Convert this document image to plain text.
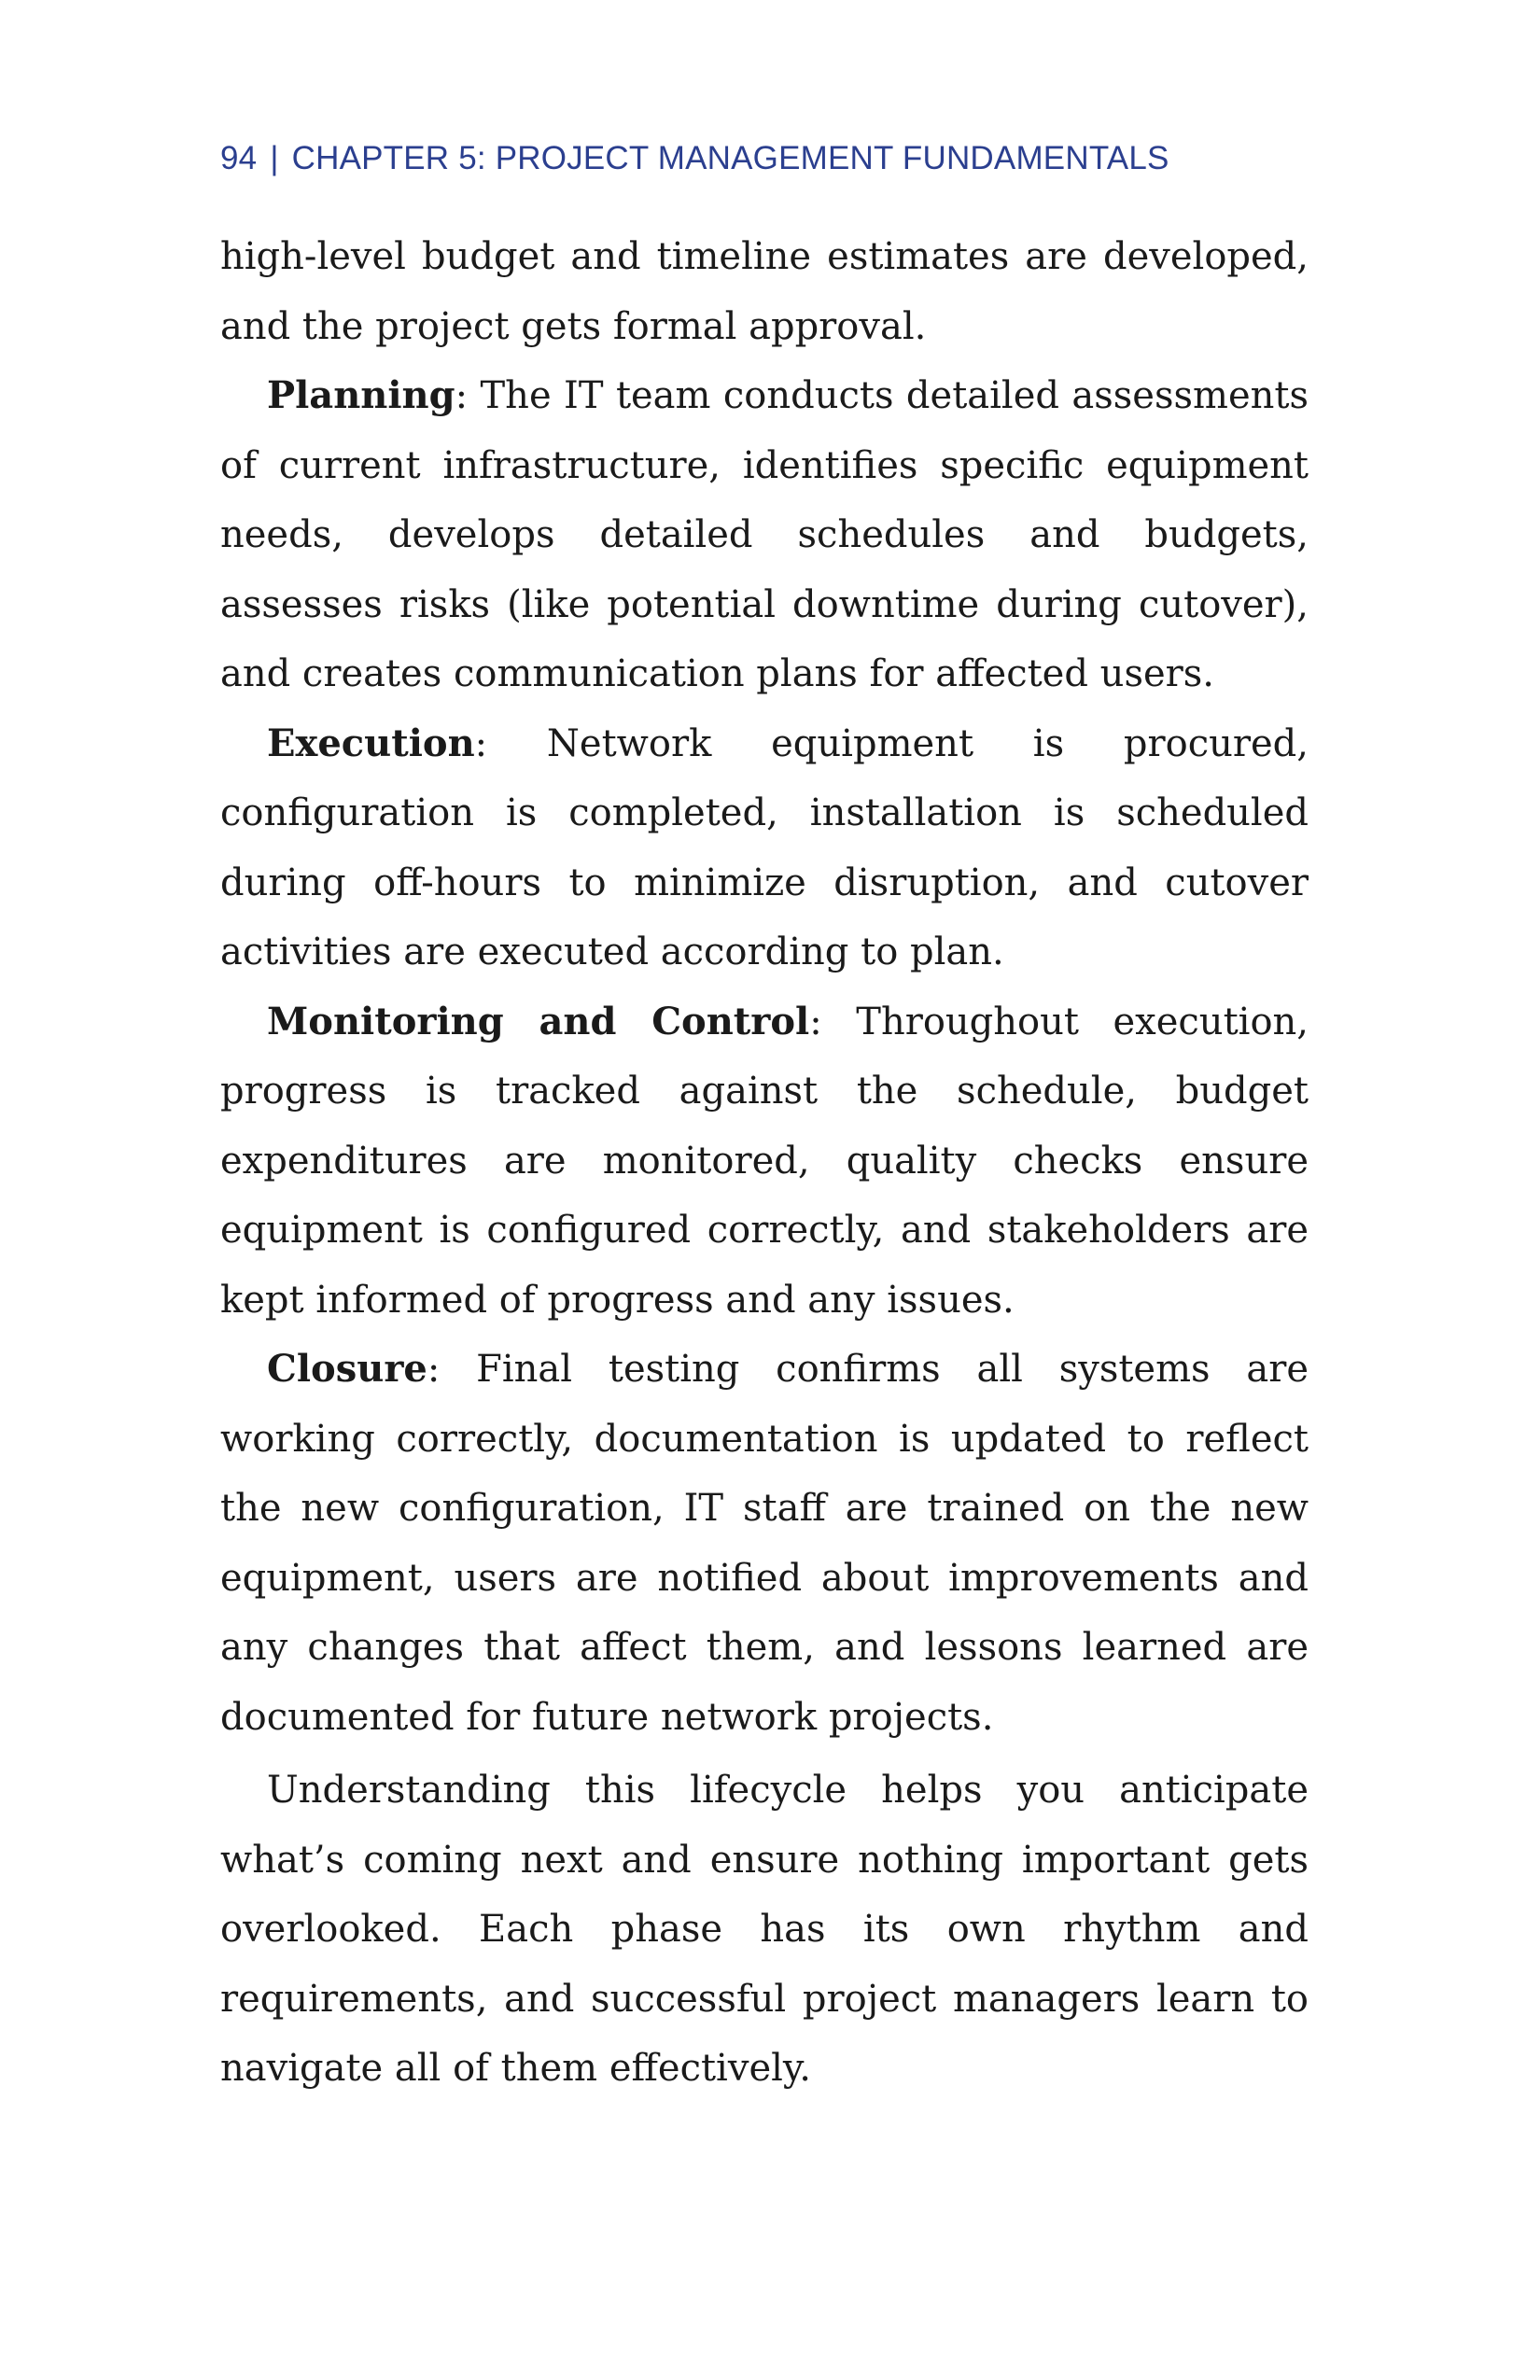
94 | CHAPTER 5: PROJECT MANAGEMENT FUNDAMENTALS

high-level budget and timeline estimates are developed, and the project gets formal approval.

Planning: The IT team conducts detailed assessments of current infrastructure, identifies specific equipment needs, develops detailed schedules and budgets, assesses risks (like potential downtime during cutover), and creates communication plans for affected users.

Execution: Network equipment is procured, configuration is completed, installation is scheduled during off-hours to minimize disruption, and cutover activities are executed according to plan.

Monitoring and Control: Throughout execution, progress is tracked against the schedule, budget expenditures are monitored, quality checks ensure equipment is configured correctly, and stakeholders are kept informed of progress and any issues.

Closure: Final testing confirms all systems are working correctly, documentation is updated to reflect the new configuration, IT staff are trained on the new equipment, users are notified about improvements and any changes that affect them, and lessons learned are documented for future network projects.

Understanding this lifecycle helps you anticipate what’s coming next and ensure nothing important gets overlooked. Each phase has its own rhythm and requirements, and successful project managers learn to navigate all of them effectively.
